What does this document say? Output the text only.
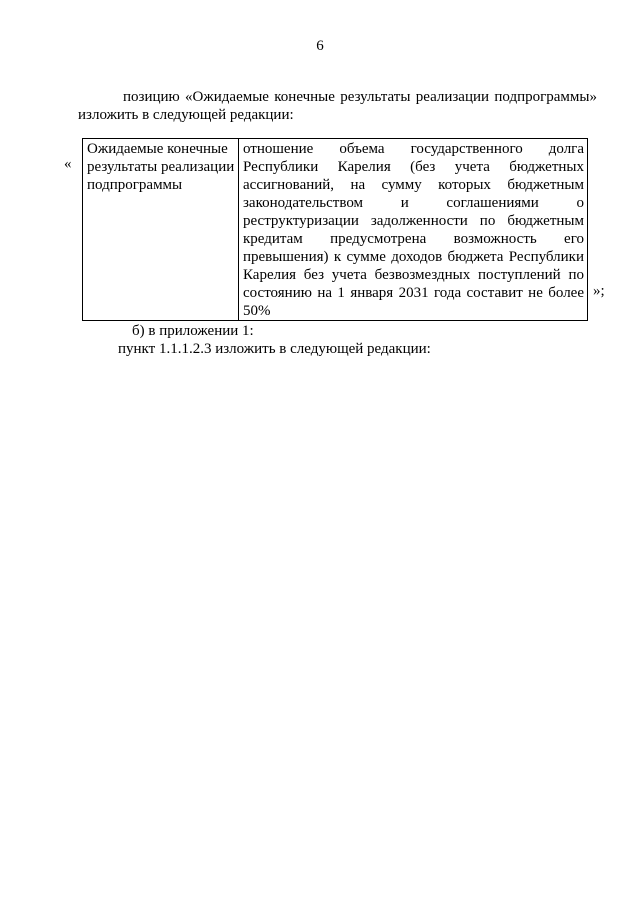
6
позицию «Ожидаемые конечные результаты реализации подпрограммы»
изложить в следующей редакции:
«
Ожидаемые конечные результаты реализации подпрограммы	отношение объема государственного долга Республики Карелия (без учета бюджетных ассигнований, на сумму которых бюджетным законодательством и соглашениями о реструктуризации задолженности по бюджетным кредитам предусмотрена возможность его превышения) к сумме доходов бюджета Республики Карелия без учета безвозмездных поступлений по состоянию на 1 января 2031 года составит не более 50%
»;
б) в приложении 1:
пункт 1.1.1.2.3 изложить в следующей редакции:
